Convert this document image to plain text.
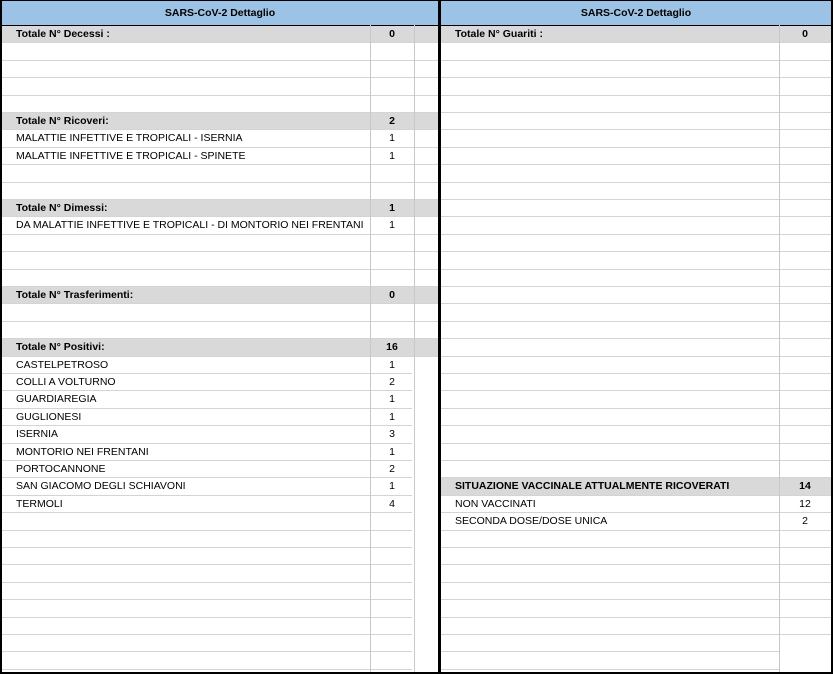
SARS-CoV-2 Dettaglio
Totale N° Decessi :	0
Totale N° Ricoveri:	2
MALATTIE INFETTIVE E TROPICALI - ISERNIA	1
MALATTIE INFETTIVE E TROPICALI - SPINETE	1
Totale N° Dimessi:	1
DA MALATTIE INFETTIVE E TROPICALI - DI MONTORIO NEI FRENTANI	1
Totale N° Trasferimenti:	0
Totale N° Positivi:	16
CASTELPETROSO	1
COLLI A VOLTURNO	2
GUARDIAREGIA	1
GUGLIONESI	1
ISERNIA	3
MONTORIO NEI FRENTANI	1
PORTOCANNONE	2
SAN GIACOMO DEGLI SCHIAVONI	1
TERMOLI	4
SARS-CoV-2 Dettaglio
Totale N° Guariti :	0
SITUAZIONE VACCINALE ATTUALMENTE RICOVERATI	14
NON VACCINATI	12
SECONDA DOSE/DOSE UNICA	2
